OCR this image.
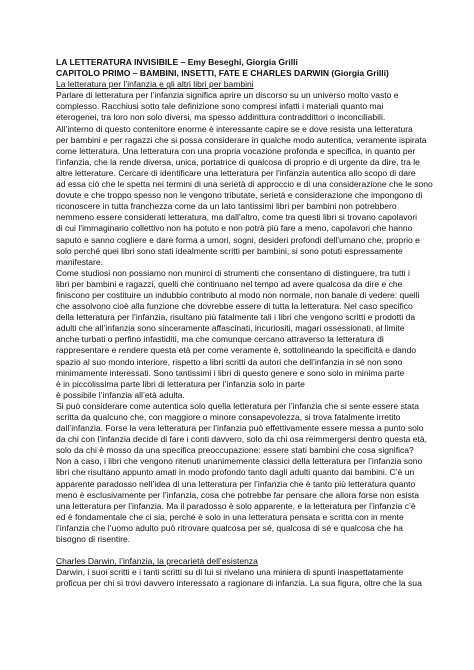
LA LETTERATURA INVISIBILE – Emy Beseghi, Giorgia Grilli
CAPITOLO PRIMO – BAMBINI, INSETTI, FATE E CHARLES DARWIN (Giorgia Grilli)
La letteratura per l’infanzia e gli altri libri per bambini
Parlare di letteratura per l’infanzia significa aprire un discorso su un universo molto vasto e
complesso. Racchiusi sotto tale definizione sono compresi infatti i materiali quanto mai
eterogenei, tra loro non solo diversi, ma spesso addirittura contraddittori o inconciliabili.
All’interno di questo contenitore enorme è interessante capire se e dove resista una letteratura
per bambini e per ragazzi che si possa considerare in qualche modo autentica, veramente ispirata
come letteratura. Una letteratura con una propria vocazione profonda e specifica, in quanto per
l’infanzia, che la rende diversa, unica, portatrice di qualcosa di proprio e di urgente da dire, tra le
altre letterature. Cercare di identificare una letteratura per l’infanzia autentica allo scopo di dare
ad essa ciò che le spetta nei termini di una serietà di approccio e di una considerazione che le sono
dovute e che troppo spesso non le vengono tributate, serietà e considerazione che impongono di
riconoscere in tutta franchezza come da un lato tantissimi libri per bambini non potrebbero
nemmeno essere considerati letteratura, ma dall’altro, come tra questi libri si trovano capolavori
di cui l’immaginario collettivo non ha potuto e non potrà più fare a meno, capolavori che hanno
saputo e sanno cogliere e dare forma a umori, sogni, desideri profondi dell’umano che, proprio e
solo perché quei libri sono stati idealmente scritti per bambini, si sono potuti espressamente
manifestare.
Come studiosi non possiamo non munirci di strumenti che consentano di distinguere, tra tutti i
libri per bambini e ragazzi, quelli che continuano nel tempo ad avere qualcosa da dire e che
finiscono per costituire un indubbio contributo al modo non normale, non banale di vedere: quelli
che assolvono cioè alla funzione che dovrebbe essere di tutta la letteratura. Nel caso specifico
della letteratura per l’infanzia, risultano più fatalmente tali i libri che vengono scritti e prodotti da
adulti che all’infanzia sono sinceramente affascinati, incuriositi, magari ossessionati, al limite
anche turbati o perfino infastiditi, ma che comunque cercano attraverso la letteratura di
rappresentare e rendere questa età per come veramente è, sottolineando la specificità e dando
spazio al suo mondo interiore, rispetto a libri scritti da autori che dell’infanzia in sé non sono
minimamente interessati. Sono tantissimi i libri di questo genere e sono solo in minima parte
è in piccolissima parte libri di letteratura per l’infanzia solo in parte
è possibile l’infanzia all’età adulta.
Si può considerare come autentica solo quella letteratura per l’infanzia che si sente essere stata
scritta da qualcuno che, con maggiore o minore consapevolezza, si trova fatalmente irretito
dall’infanzia. Forse la vera letteratura per l’infanzia può effettivamente essere messa a punto solo
da chi con l’infanzia decide di fare i conti davvero, solo da chi osa reimmergersi dentro questa età,
solo da chi è mosso da una specifica preoccupazione: essere stati bambini che cosa significa?
Non a caso, i libri che vengono ritenuti unanimemente classici della letteratura per l’infanzia sono
libri che risultano appunto amati in modo profondo tanto dagli adulti quanto dai bambini. C’è un
apparente paradosso nell’idea di una letteratura per l’infanzia che è tanto più letteratura quanto
meno è esclusivamente per l’infanzia, cosa che potrebbe far pensare che allora forse non esista
una letteratura per l’infanzia. Ma il paradosso è solo apparente, e la letteratura per l’infanzia c’è
ed è fondamentale che ci sia, perché è solo in una letteratura pensata e scritta con in mente
l’infanzia che l’uomo adulto può ritrovare qualcosa per sé, qualcosa di sé e qualcosa che ha
bisogno di risentire.
Charles Darwin, l’infanzia, la precarietà dell’esistenza
Darwin, i suoi scritti e i tanti scritti su di lui si rivelano una miniera di spunti inaspettatamente
proficua per chi si trovi davvero interessato a ragionare di infanzia. La sua figura, oltre che la sua
